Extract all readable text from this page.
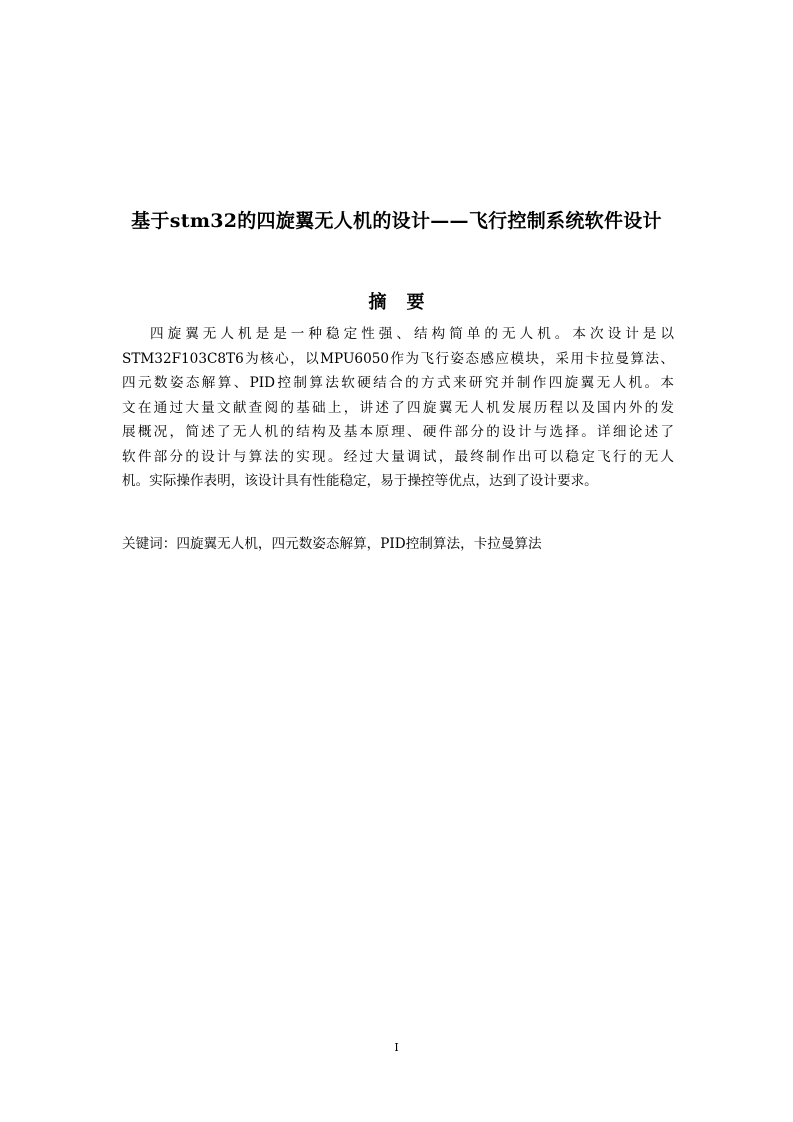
基于stm32的四旋翼无人机的设计——飞行控制系统软件设计
摘 要
四旋翼无人机是是一种稳定性强、结构简单的无人机。本次设计是以
STM32F103C8T6为核心，以MPU6050作为飞行姿态感应模块，采用卡拉曼算法、
四元数姿态解算、PID控制算法软硬结合的方式来研究并制作四旋翼无人机。本
文在通过大量文献查阅的基础上，讲述了四旋翼无人机发展历程以及国内外的发
展概况，简述了无人机的结构及基本原理、硬件部分的设计与选择。详细论述了
软件部分的设计与算法的实现。经过大量调试，最终制作出可以稳定飞行的无人
机。实际操作表明，该设计具有性能稳定，易于操控等优点，达到了设计要求。
关键词：四旋翼无人机，四元数姿态解算，PID控制算法，卡拉曼算法
I
